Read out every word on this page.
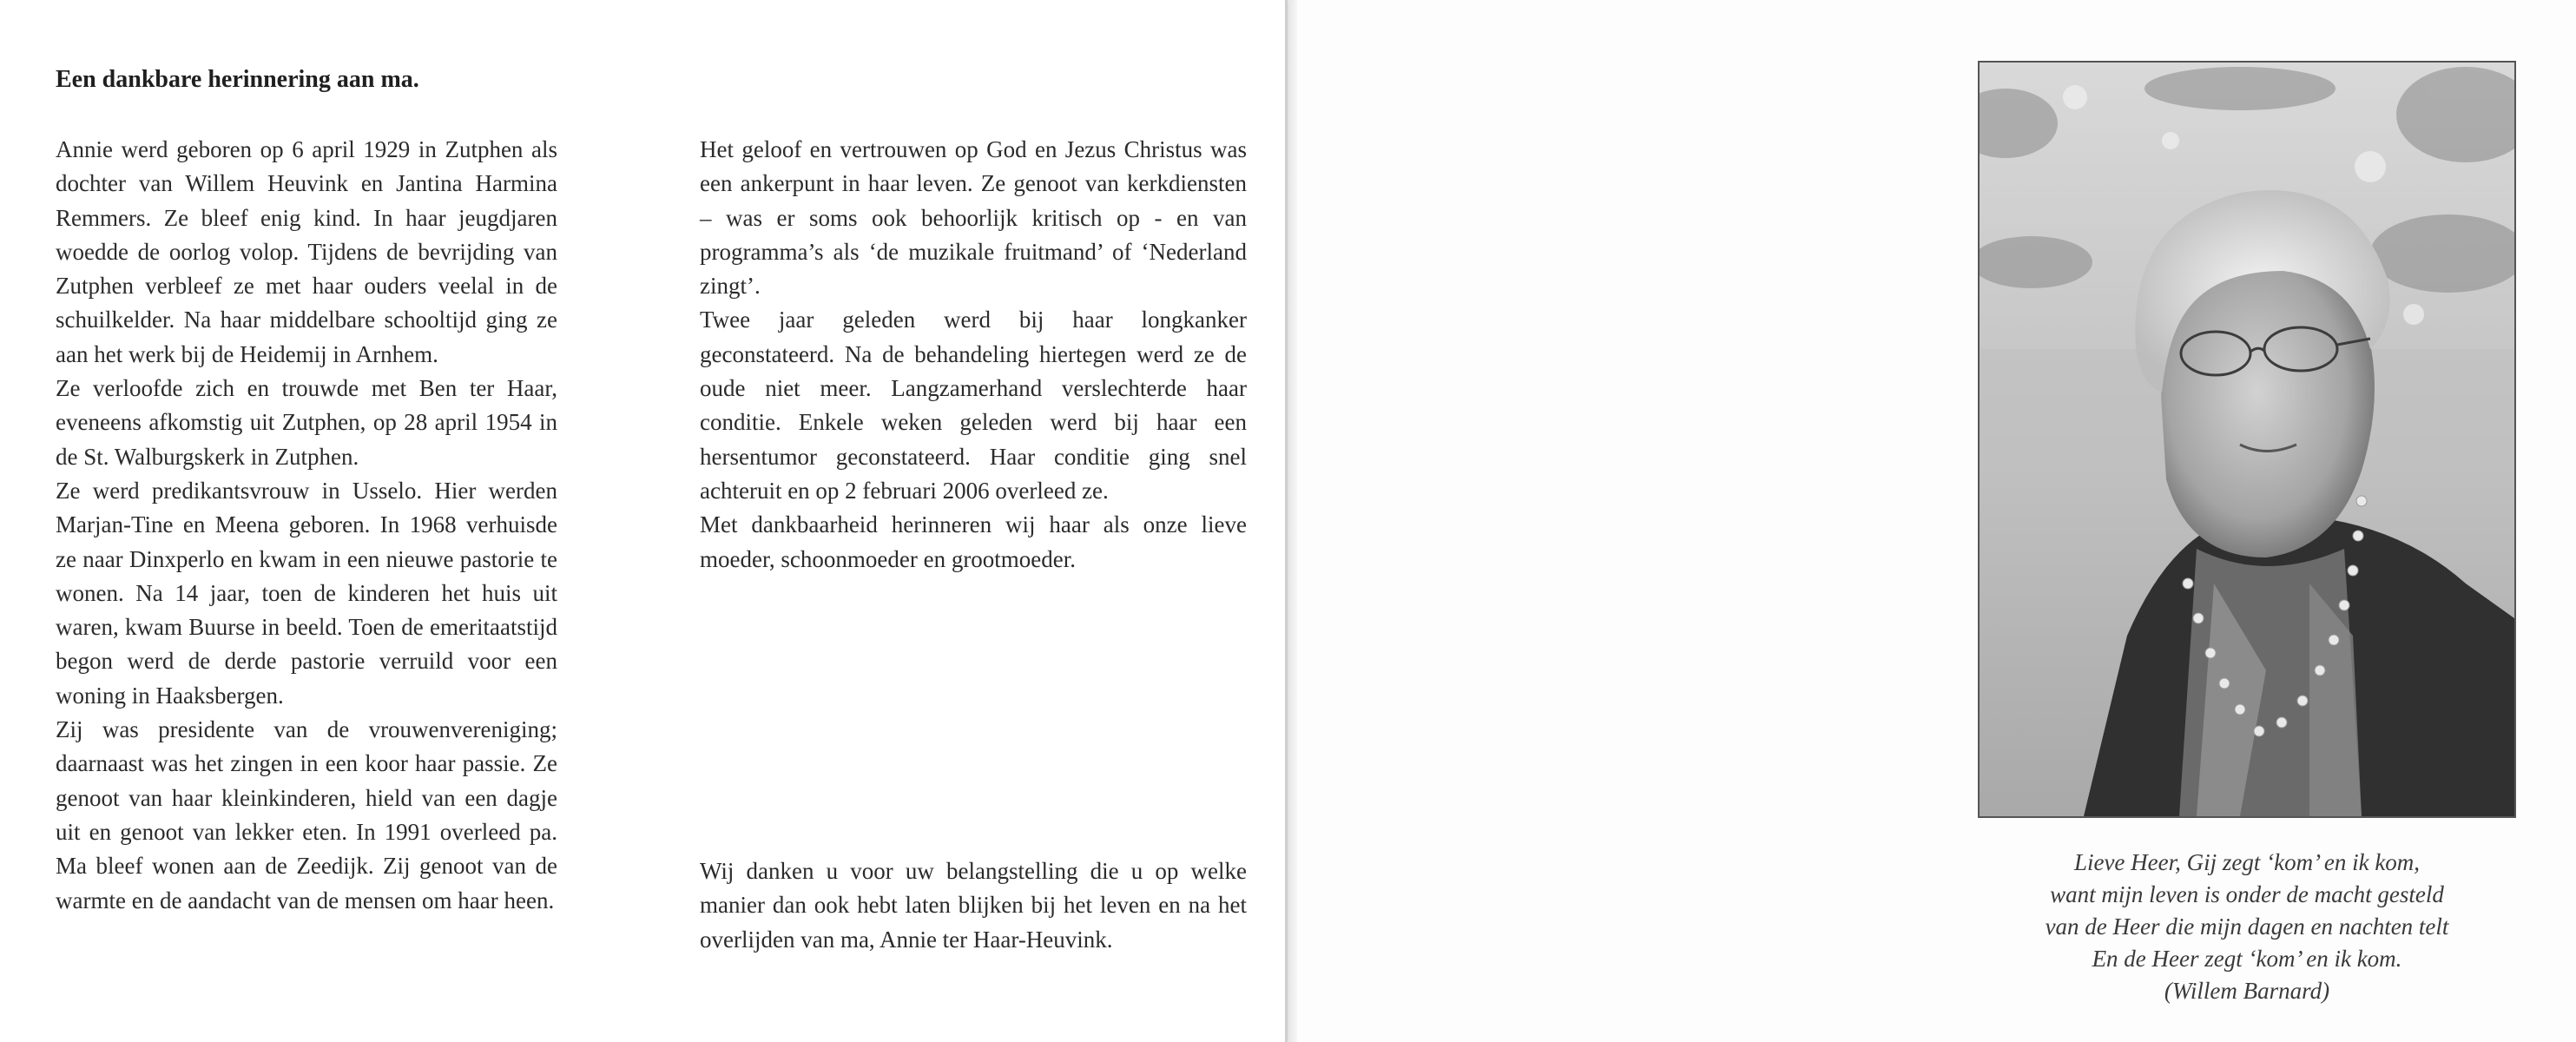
Een dankbare herinnering aan ma.

Annie werd geboren op 6 april 1929 in Zutphen als dochter van Willem Heuvink en Jantina Harmina Remmers. Ze bleef enig kind. In haar jeugdjaren woedde de oorlog volop. Tijdens de bevrijding van Zutphen verbleef ze met haar ouders veelal in de schuilkelder. Na haar middelbare schooltijd ging ze aan het werk bij de Heidemij in Arnhem.

Ze verloofde zich en trouwde met Ben ter Haar, eveneens afkomstig uit Zutphen, op 28 april 1954 in de St. Walburgskerk in Zutphen.

Ze werd predikantsvrouw in Usselo. Hier werden Marjan-Tine en Meena geboren. In 1968 verhuisde ze naar Dinxperlo en kwam in een nieuwe pastorie te wonen. Na 14 jaar, toen de kinderen het huis uit waren, kwam Buurse in beeld. Toen de emeritaatstijd begon werd de derde pastorie verruild voor een woning in Haaksbergen.

Zij was presidente van de vrouwenvereniging; daarnaast was het zingen in een koor haar passie. Ze genoot van haar kleinkinderen, hield van een dagje uit en genoot van lekker eten. In 1991 overleed pa. Ma bleef wonen aan de Zeedijk. Zij genoot van de warmte en de aandacht van de mensen om haar heen.

Het geloof en vertrouwen op God en Jezus Christus was een ankerpunt in haar leven. Ze genoot van kerkdiensten – was er soms ook behoorlijk kritisch op - en van programma’s als ‘de muzikale fruitmand’ of ‘Nederland zingt’.

Twee jaar geleden werd bij haar longkanker geconstateerd. Na de behandeling hiertegen werd ze de oude niet meer. Langzamerhand verslechterde haar conditie. Enkele weken geleden werd bij haar een hersentumor geconstateerd. Haar conditie ging snel achteruit en op 2 februari 2006 overleed ze.

Met dankbaarheid herinneren wij haar als onze lieve moeder, schoonmoeder en grootmoeder.

Wij danken u voor uw belangstelling die u op welke manier dan ook hebt laten blijken bij het leven en na het overlijden van ma, Annie ter Haar-Heuvink.

Lieve Heer, Gij zegt ‘kom’ en ik kom,
want mijn leven is onder de macht gesteld
van de Heer die mijn dagen en nachten telt
En de Heer zegt ‘kom’ en ik kom.
(Willem Barnard)
